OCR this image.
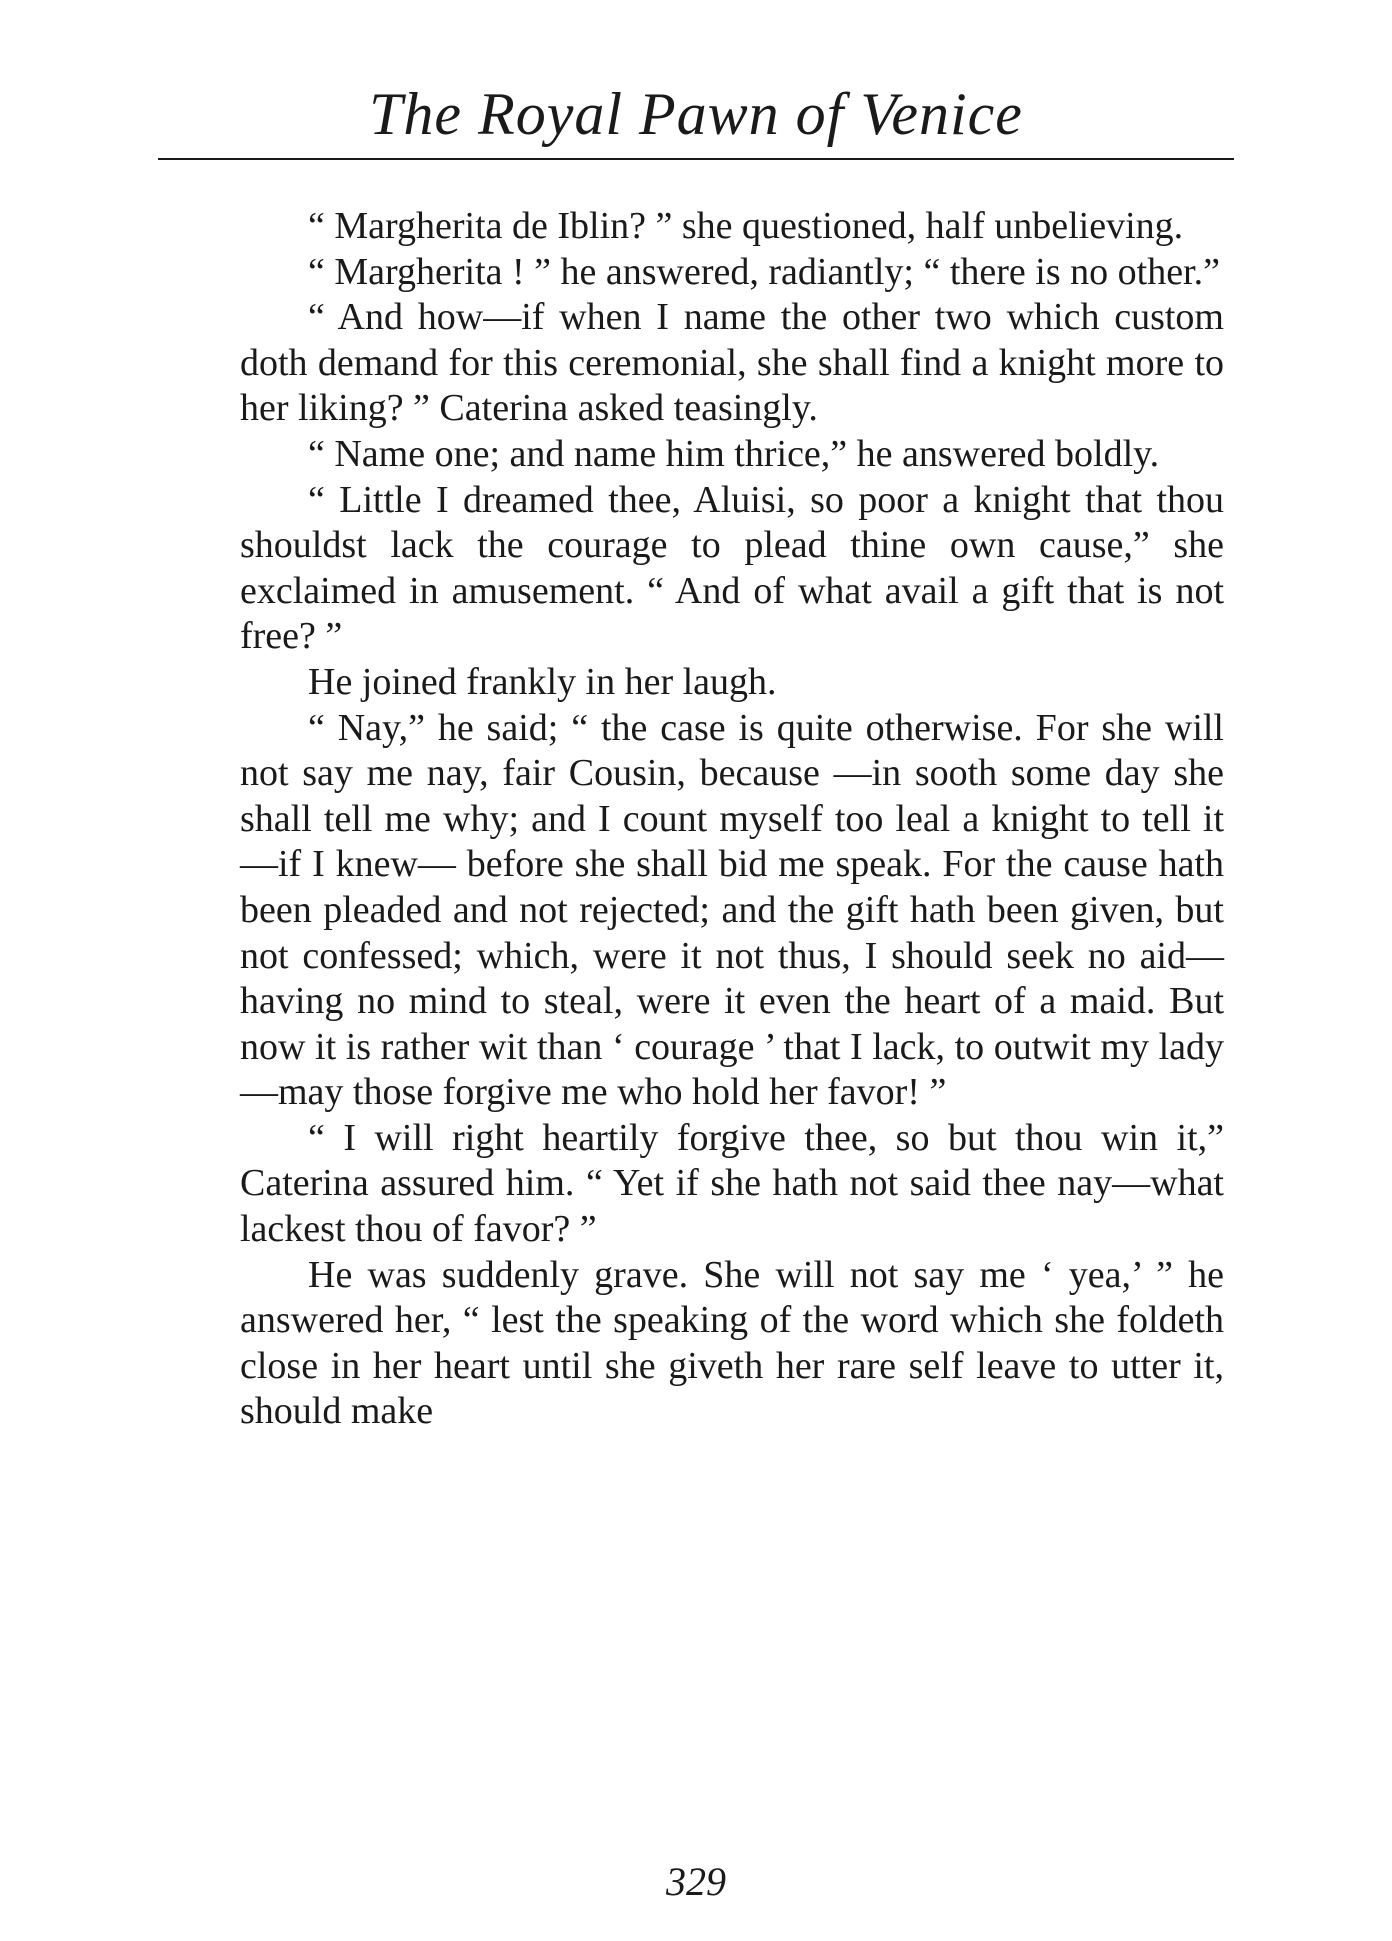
The Royal Pawn of Venice

“ Margherita de Iblin? ” she questioned, half unbelieving.

“ Margherita ! ” he answered, radiantly; “ there is no other.”

“ And how—if when I name the other two which custom doth demand for this ceremonial, she shall find a knight more to her liking? ” Caterina asked teasingly.

“ Name one; and name him thrice,” he answered boldly.

“ Little I dreamed thee, Aluisi, so poor a knight that thou shouldst lack the courage to plead thine own cause,” she exclaimed in amusement. “ And of what avail a gift that is not free? ”

He joined frankly in her laugh.

“ Nay,” he said; “ the case is quite otherwise. For she will not say me nay, fair Cousin, because —in sooth some day she shall tell me why; and I count myself too leal a knight to tell it—if I knew— before she shall bid me speak. For the cause hath been pleaded and not rejected; and the gift hath been given, but not confessed; which, were it not thus, I should seek no aid—having no mind to steal, were it even the heart of a maid. But now it is rather wit than ‘ courage ’ that I lack, to outwit my lady—may those forgive me who hold her favor! ”

“ I will right heartily forgive thee, so but thou win it,” Caterina assured him. “ Yet if she hath not said thee nay—what lackest thou of favor? ”

He was suddenly grave. She will not say me ‘ yea,’ ” he answered her, “ lest the speaking of the word which she foldeth close in her heart until she giveth her rare self leave to utter it, should make

329
